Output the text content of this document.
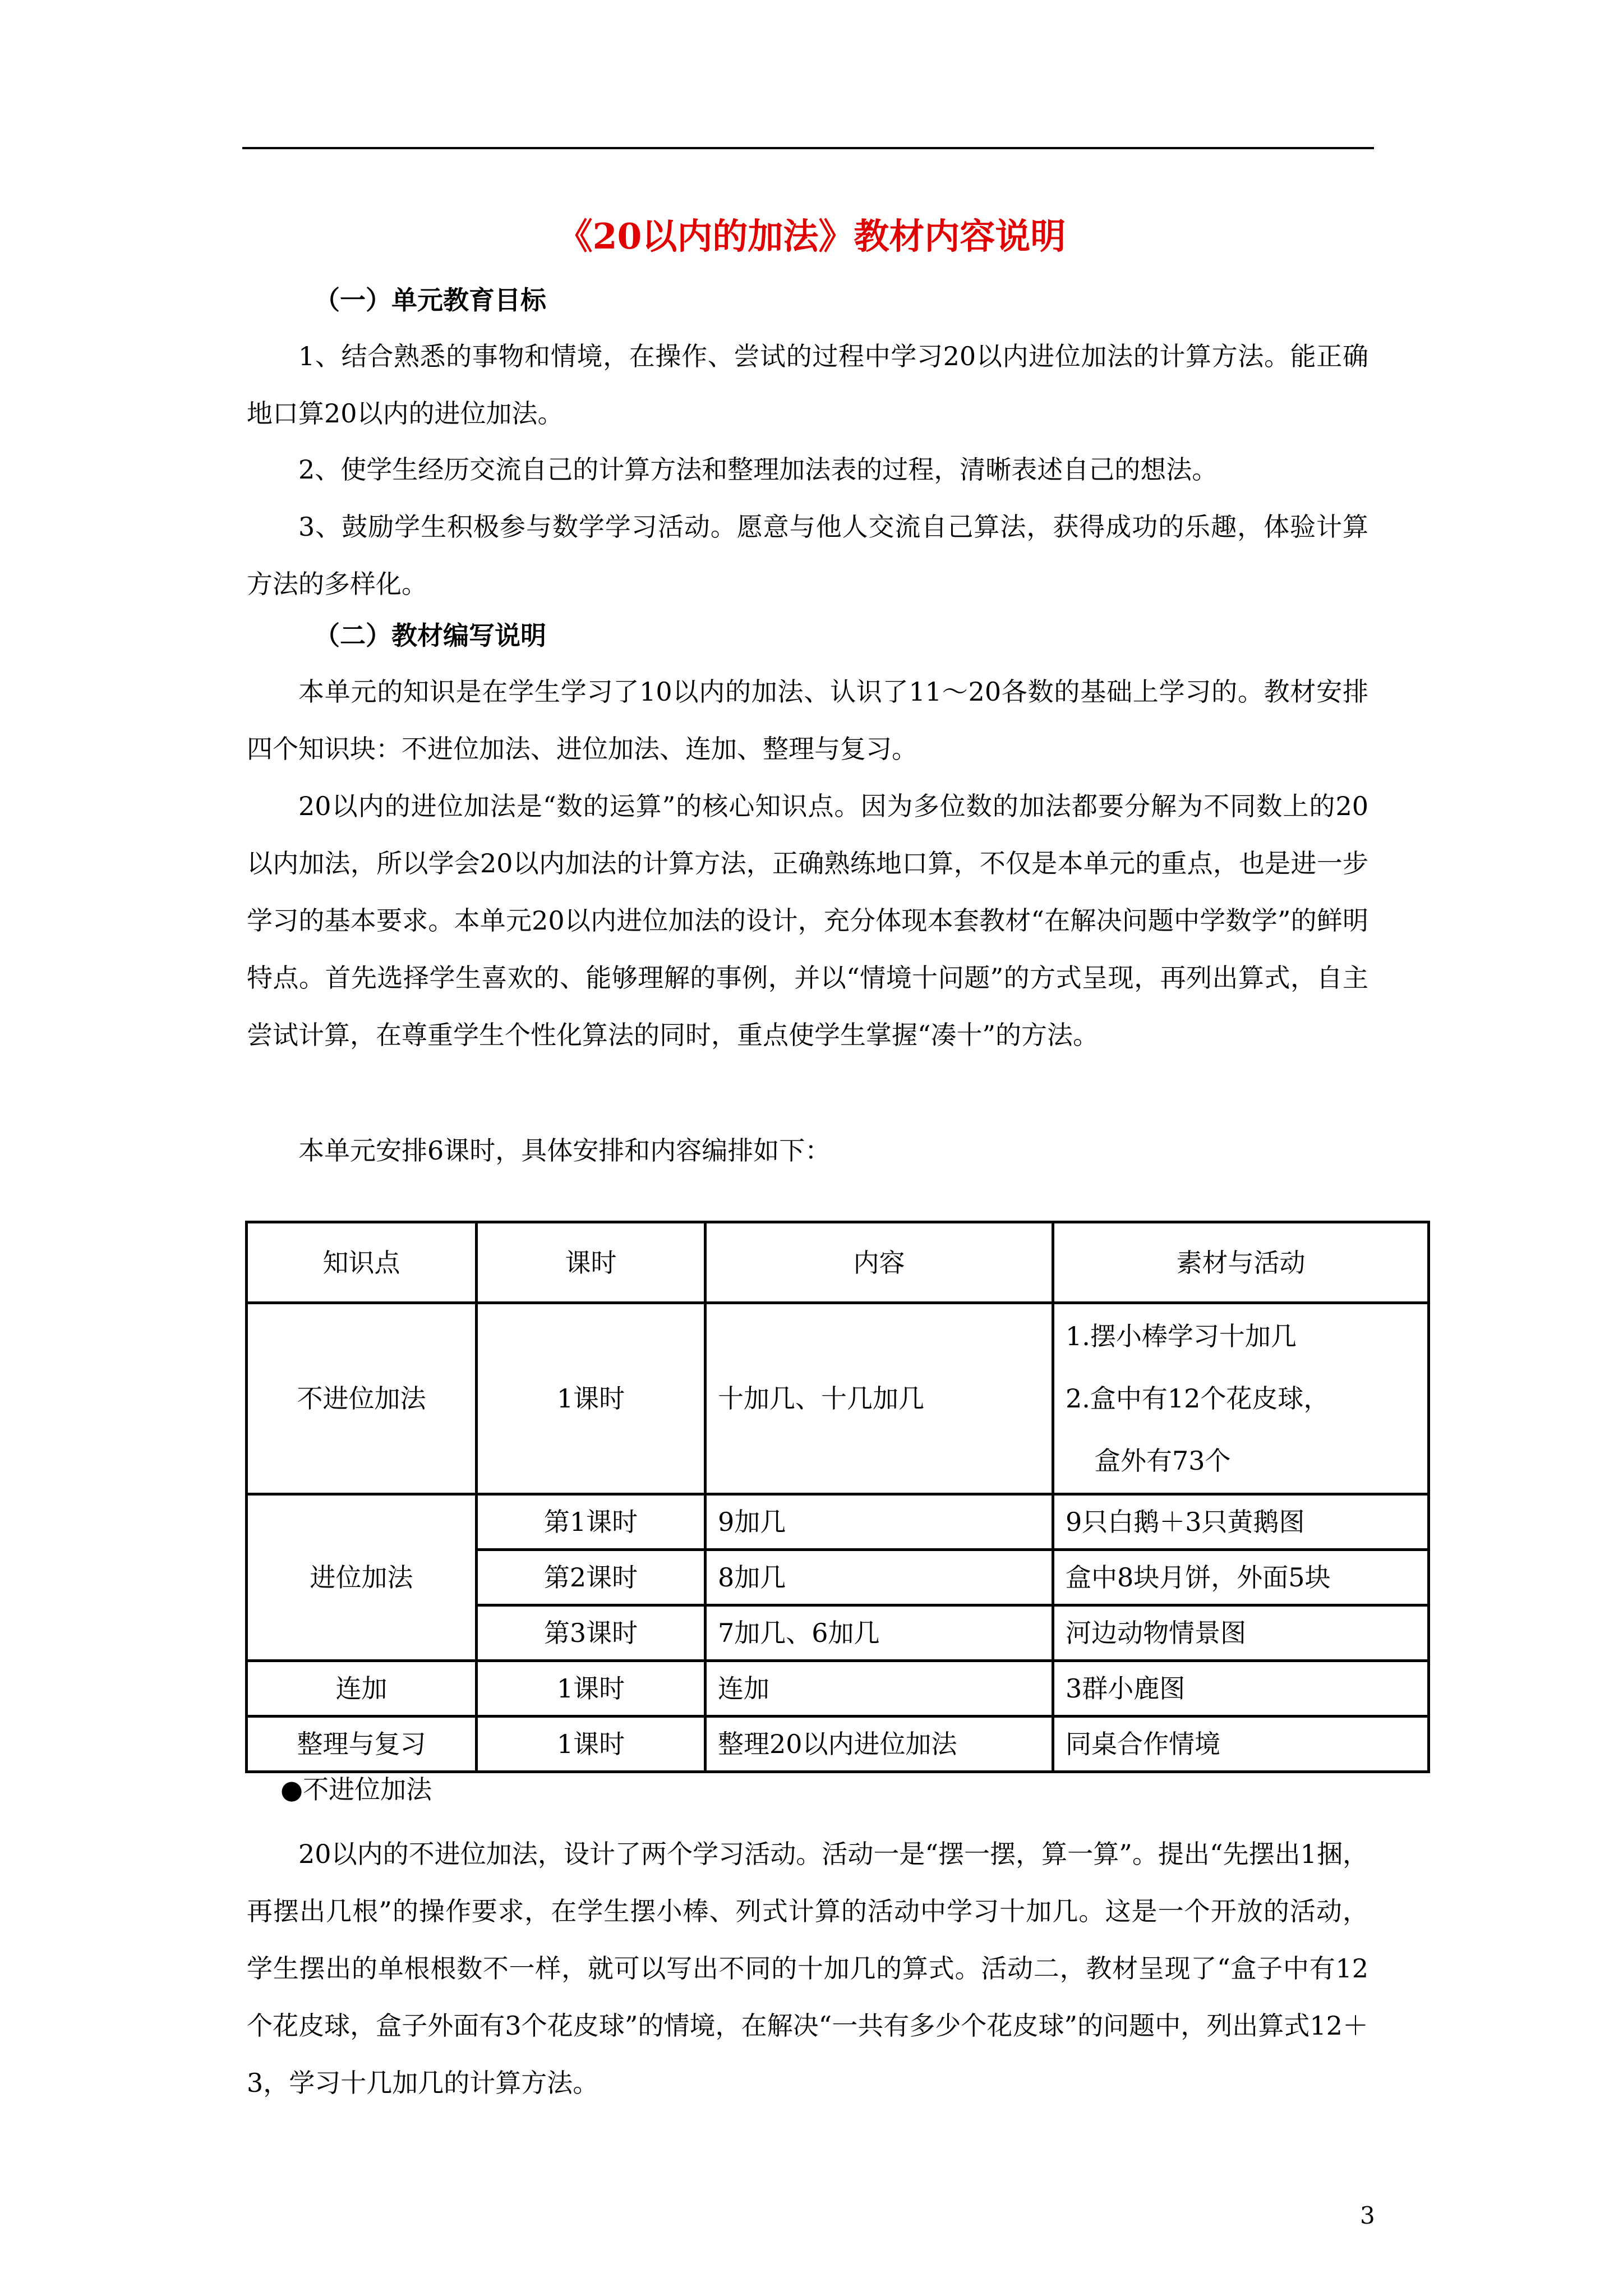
《20以内的加法》教材内容说明
（一）单元教育目标
1、结合熟悉的事物和情境，在操作、尝试的过程中学习20以内进位加法的计算方法。能正确地口算20以内的进位加法。
2、使学生经历交流自己的计算方法和整理加法表的过程，清晰表述自己的想法。
3、鼓励学生积极参与数学学习活动。愿意与他人交流自己算法，获得成功的乐趣，体验计算方法的多样化。
（二）教材编写说明
本单元的知识是在学生学习了10以内的加法、认识了11～20各数的基础上学习的。教材安排四个知识块：不进位加法、进位加法、连加、整理与复习。
20以内的进位加法是“数的运算”的核心知识点。因为多位数的加法都要分解为不同数上的20以内加法，所以学会20以内加法的计算方法，正确熟练地口算，不仅是本单元的重点，也是进一步学习的基本要求。本单元20以内进位加法的设计，充分体现本套教材“在解决问题中学数学”的鲜明特点。首先选择学生喜欢的、能够理解的事例，并以“情境十问题”的方式呈现，再列出算式，自主尝试计算，在尊重学生个性化算法的同时，重点使学生掌握“凑十”的方法。
本单元安排6课时，具体安排和内容编排如下：
知识点	课时	内容	素材与活动
不进位加法	1课时	十加几、十几加几	1.摆小棒学习十加几
2.盒中有12个花皮球，
盒外有73个

进位加法	第1课时	9加几	9只白鹅＋3只黄鹅图
	第2课时	8加几	盒中8块月饼，外面5块
	第3课时	7加几、6加几	河边动物情景图
连加	1课时	连加	3群小鹿图
整理与复习	1课时	整理20以内进位加法	同桌合作情境
●不进位加法
20以内的不进位加法，设计了两个学习活动。活动一是“摆一摆，算一算”。提出“先摆出1捆，再摆出几根”的操作要求，在学生摆小棒、列式计算的活动中学习十加几。这是一个开放的活动，学生摆出的单根根数不一样，就可以写出不同的十加几的算式。活动二，教材呈现了“盒子中有12个花皮球，盒子外面有3个花皮球”的情境，在解决“一共有多少个花皮球”的问题中，列出算式12＋3，学习十几加几的计算方法。
3
